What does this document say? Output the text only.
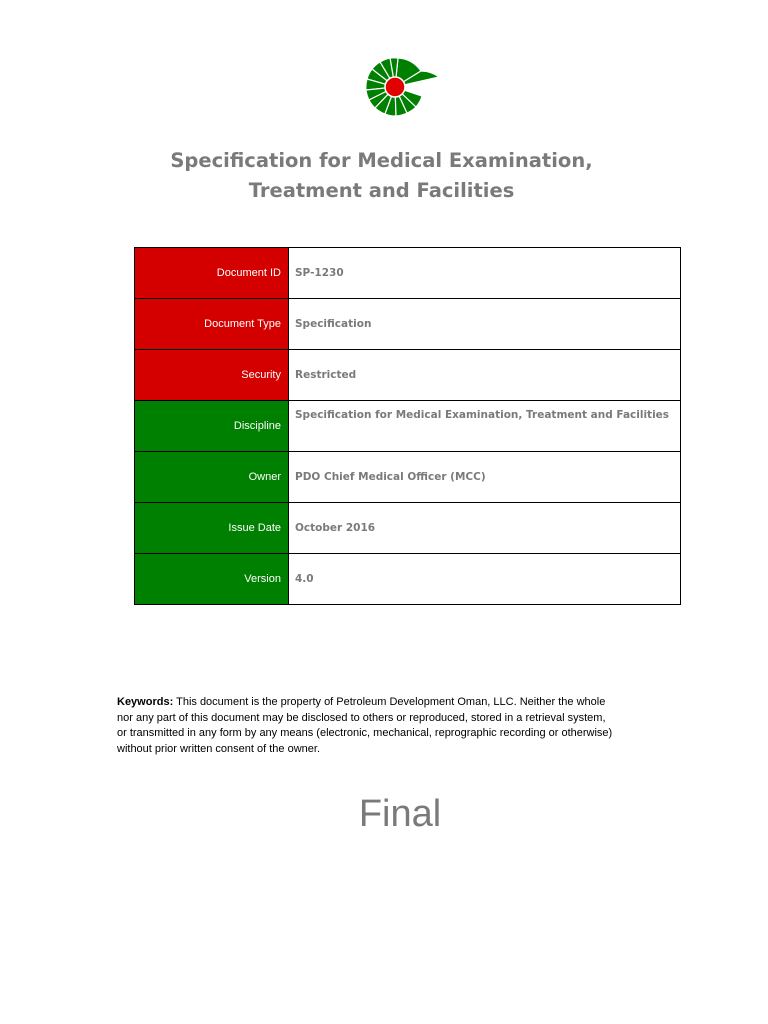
Specification for Medical Examination,
Treatment and Facilities
Document ID	SP-1230
Document Type	Specification
Security	Restricted
Discipline	Specification for Medical Examination, Treatment and Facilities
Owner	PDO Chief Medical Officer (MCC)
Issue Date	October 2016
Version	4.0

Keywords: This document is the property of Petroleum Development Oman, LLC. Neither the whole nor any part of this document may be disclosed to others or reproduced, stored in a retrieval system, or transmitted in any form by any means (electronic, mechanical, reprographic recording or otherwise) without prior written consent of the owner.

Final
